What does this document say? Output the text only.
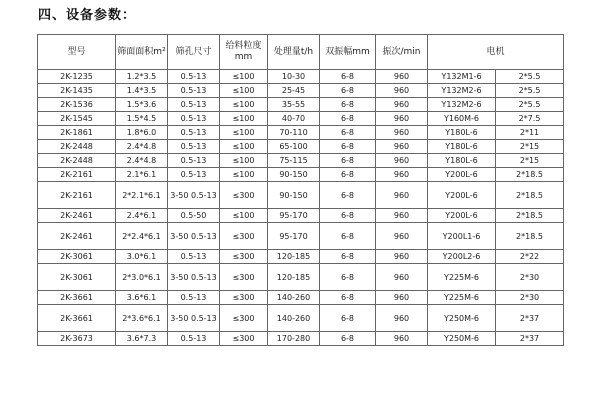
四、设备参数：
型号	筛面面积m²	筛孔尺寸	给料粒度mm	处理量t/h	双振幅mm	振次/min	电机	
2K-1235	1.2*3.5	0.5-13	≤100	10-30	6-8	960	Y132M1-6	2*5.5
2K-1435	1.4*3.5	0.5-13	≤100	25-45	6-8	960	Y132M2-6	2*5.5
2K-1536	1.5*3.6	0.5-13	≤100	35-55	6-8	960	Y132M2-6	2*5.5
2K-1545	1.5*4.5	0.5-13	≤100	40-70	6-8	960	Y160M-6	2*7.5
2K-1861	1.8*6.0	0.5-13	≤100	70-110	6-8	960	Y180L-6	2*11
2K-2448	2.4*4.8	0.5-13	≤100	65-100	6-8	960	Y180L-6	2*15
2K-2448	2.4*4.8	0.5-13	≤100	75-115	6-8	960	Y180L-6	2*15
2K-2161	2.1*6.1	0.5-13	≤100	90-150	6-8	960	Y200L-6	2*18.5
2K-2161	2*2.1*6.1	3-50 0.5-13	≤300	90-150	6-8	960	Y200L-6	2*18.5
2K-2461	2.4*6.1	0.5-50	≤100	95-170	6-8	960	Y200L-6	2*18.5
2K-2461	2*2.4*6.1	3-50 0.5-13	≤300	95-170	6-8	960	Y200L1-6	2*18.5
2K-3061	3.0*6.1	0.5-13	≤300	120-185	6-8	960	Y200L2-6	2*22
2K-3061	2*3.0*6.1	3-50 0.5-13	≤300	120-185	6-8	960	Y225M-6	2*30
2K-3661	3.6*6.1	0.5-13	≤300	140-260	6-8	960	Y225M-6	2*30
2K-3661	2*3.6*6.1	3-50 0.5-13	≤300	140-260	6-8	960	Y250M-6	2*37
2K-3673	3.6*7.3	0.5-13	≤300	170-280	6-8	960	Y250M-6	2*37
